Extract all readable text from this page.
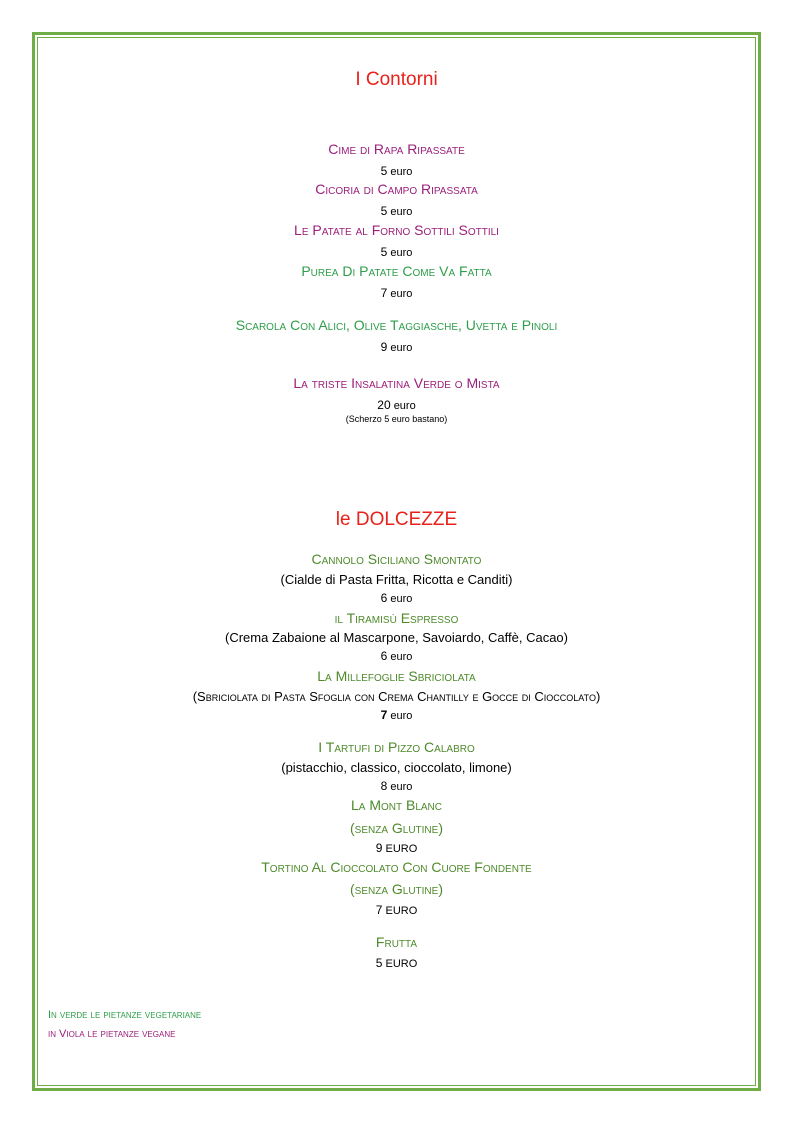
I Contorni
Cime di Rapa Ripassate
5 euro
Cicoria di Campo Ripassata
5 euro
Le Patate al Forno Sottili Sottili
5 euro
Purea Di Patate Come Va Fatta
7 euro
Scarola Con Alici, Olive Taggiasche, Uvetta e Pinoli
9 euro
La triste Insalatina Verde o Mista
20 euro
(Scherzo 5 euro bastano)
le DOLCEZZE
Cannolo Siciliano Smontato
(Cialde di Pasta Fritta, Ricotta e Canditi)
6 euro
il Tiramisù Espresso
(Crema Zabaione al Mascarpone, Savoiardo, Caffè, Cacao)
6 euro
La Millefoglie Sbriciolata
(Sbriciolata di Pasta Sfoglia con Crema Chantilly e Gocce di Cioccolato)
7 euro
I Tartufi di Pizzo Calabro
(pistacchio, classico, cioccolato, limone)
8 euro
La Mont Blanc
(senza Glutine)
9 EURO
Tortino Al Cioccolato Con Cuore Fondente
(senza Glutine)
7 EURO
Frutta
5 EURO
In verde le pietanze vegetariane
in Viola le pietanze vegane
